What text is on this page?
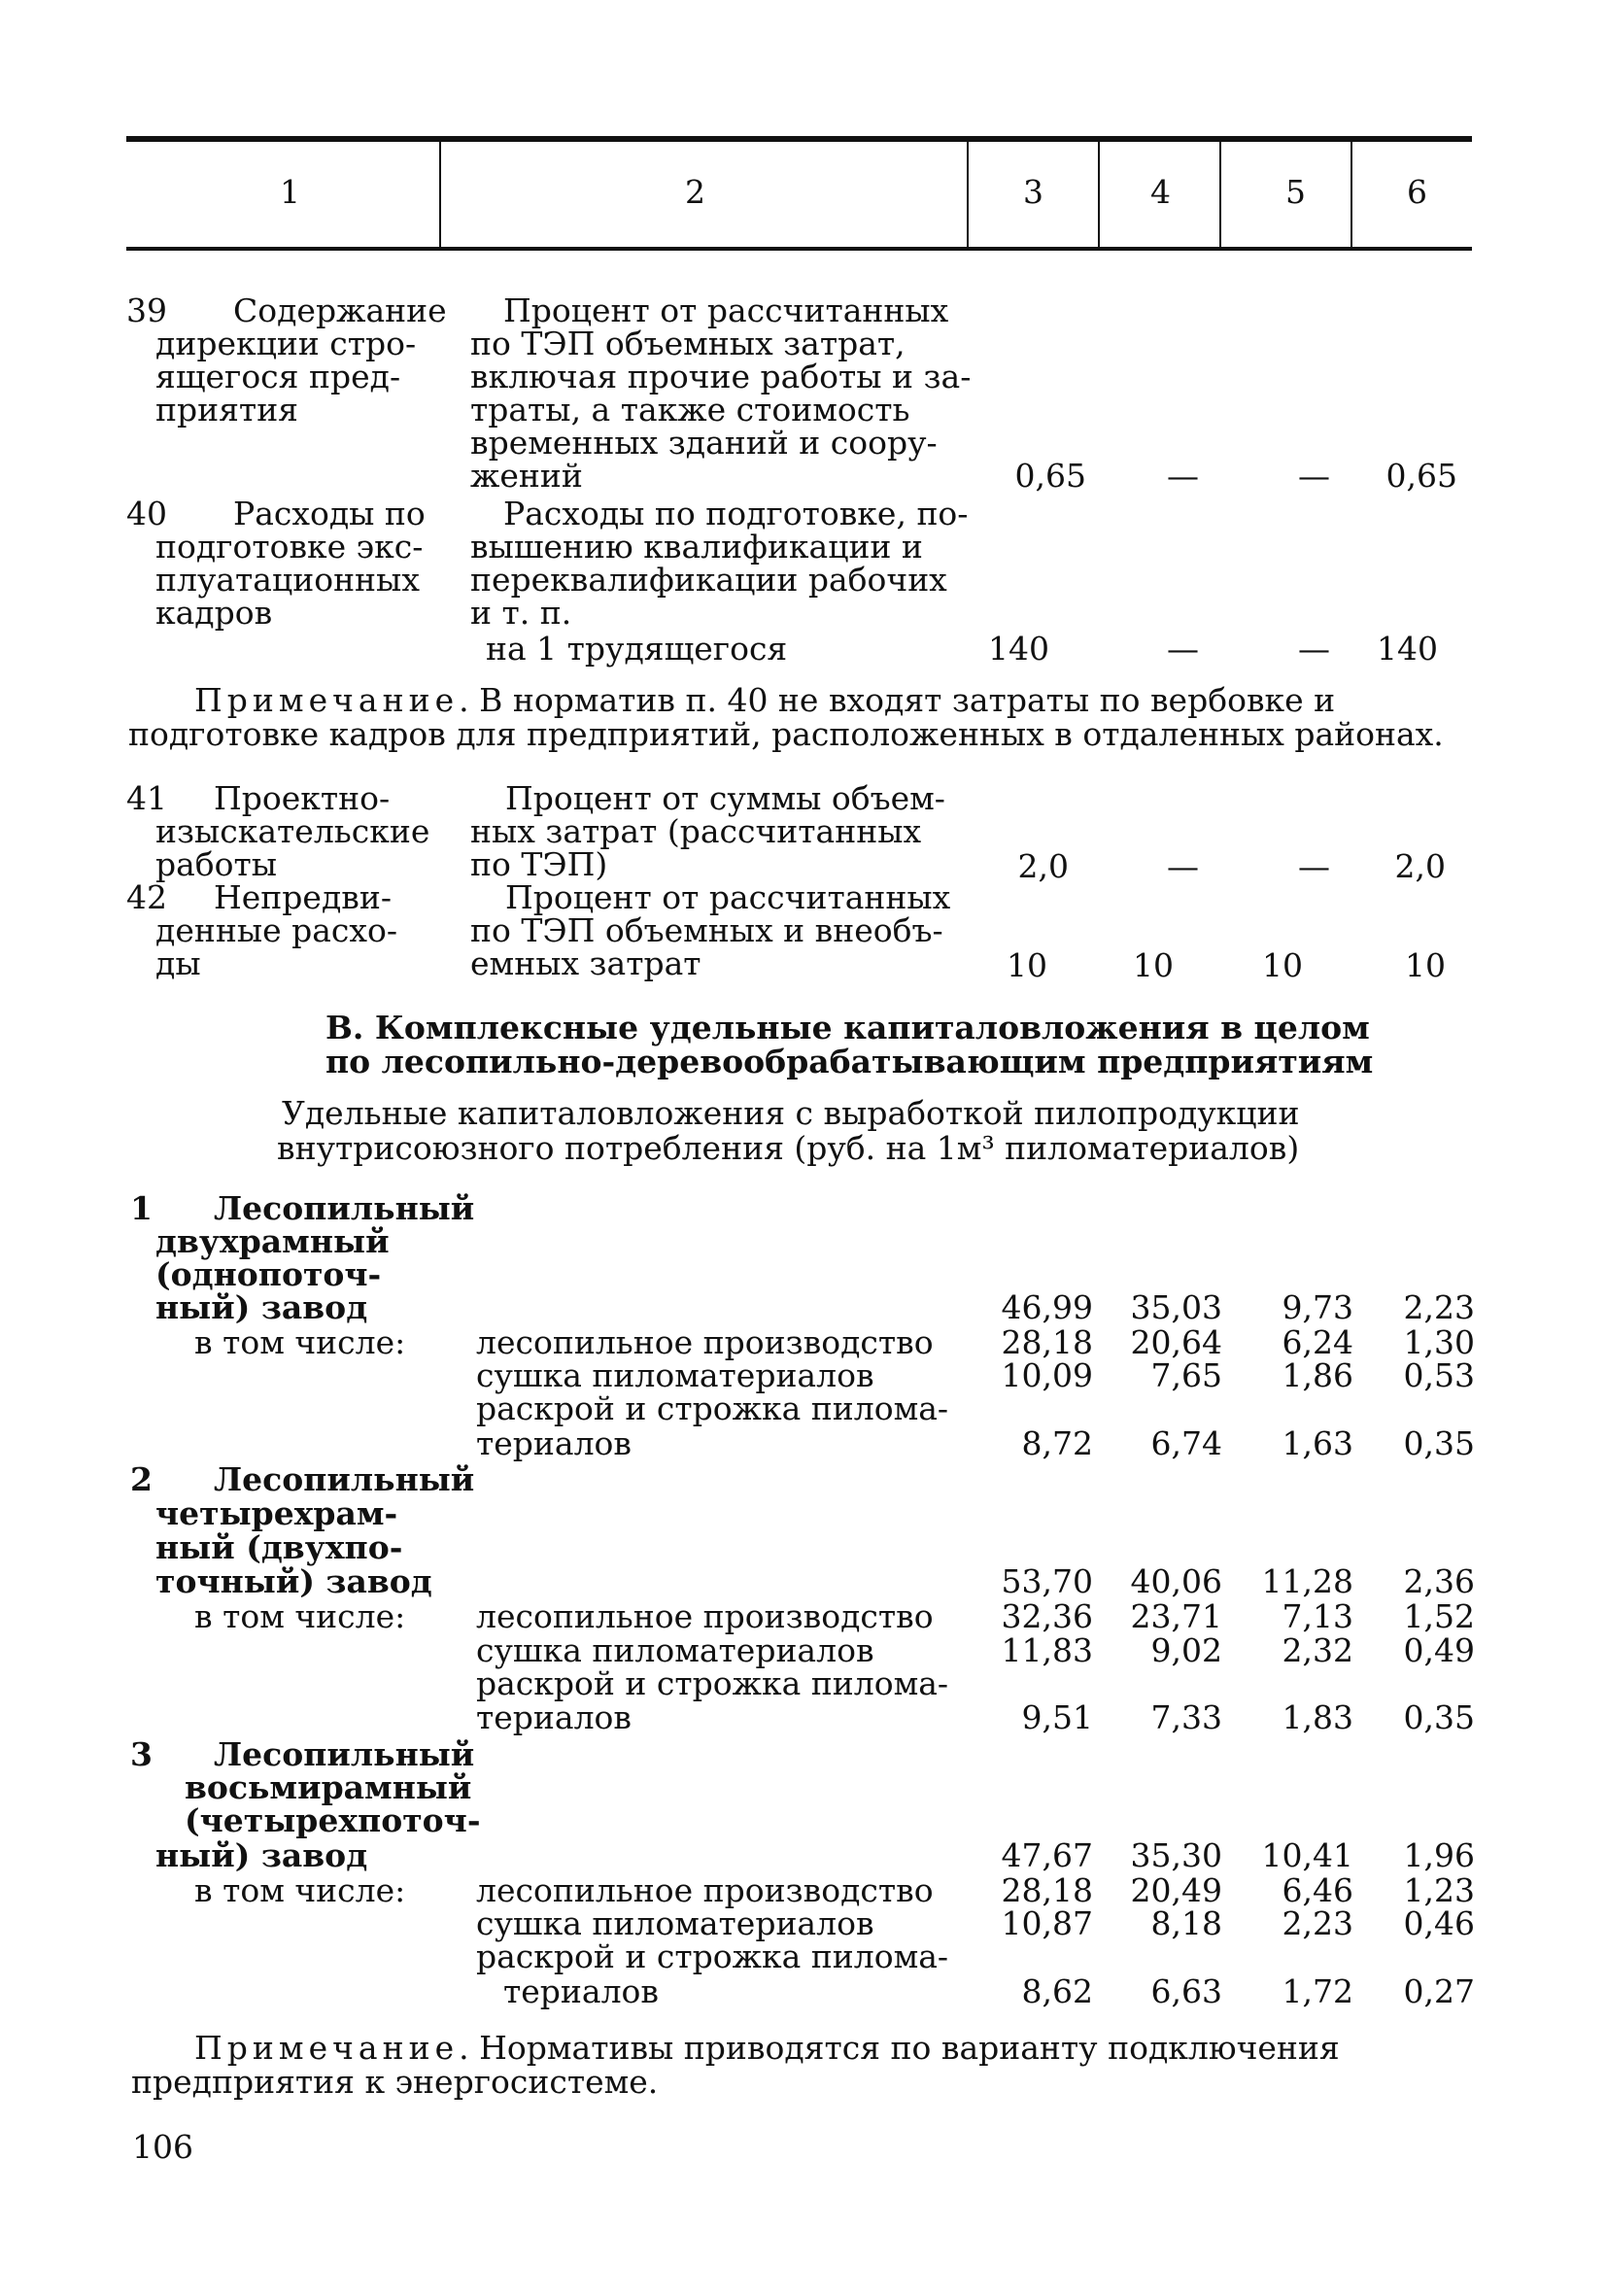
1	2	3	4	5	6
39 Содержание
дирекции стро-
ящегося пред-
приятия
Процент от рассчитанных
по ТЭП объемных затрат,
включая прочие работы и за-
траты, а также стоимость
временных зданий и соору-
жений	0,65	—	—	0,65
40 Расходы по
подготовке экс-
плуатационных
кадров
Расходы по подготовке, по-
вышению квалификации и
переквалификации рабочих
и т. п.
на 1 трудящегося	140	—	—	140
Примечание. В норматив п. 40 не входят затраты по вербовке и
подготовке кадров для предприятий, расположенных в отдаленных районах.
41 Проектно-
изыскательские
работы
Процент от суммы объем-
ных затрат (рассчитанных
по ТЭП)	2,0	—	—	2,0
42 Непредви-
денные расхо-
ды
Процент от рассчитанных
по ТЭП объемных и внеобъ-
емных затрат	10	10	10	10
В. Комплексные удельные капиталовложения в целом
по лесопильно-деревообрабатывающим предприятиям
Удельные капиталовложения с выработкой пилопродукции
внутрисоюзного потребления (руб. на 1м³ пиломатериалов)
1 Лесопильный
двухрамный
(однопоточ-
ный) завод	46,99	35,03	9,73	2,23
в том числе: лесопильное производство	28,18	20,64	6,24	1,30
сушка пиломатериалов	10,09	7,65	1,86	0,53
раскрой и строжка пилома-
териалов	8,72	6,74	1,63	0,35
2 Лесопильный
четырехрам-
ный (двухпо-
точный) завод	53,70	40,06	11,28	2,36
в том числе: лесопильное производство	32,36	23,71	7,13	1,52
сушка пиломатериалов	11,83	9,02	2,32	0,49
раскрой и строжка пилома-
териалов	9,51	7,33	1,83	0,35
3 Лесопильный
восьмирамный
(четырехпоточ-
ный) завод	47,67	35,30	10,41	1,96
в том числе: лесопильное производство	28,18	20,49	6,46	1,23
сушка пиломатериалов	10,87	8,18	2,23	0,46
раскрой и строжка пилома-
териалов	8,62	6,63	1,72	0,27
Примечание. Нормативы приводятся по варианту подключения
предприятия к энергосистеме.
106
